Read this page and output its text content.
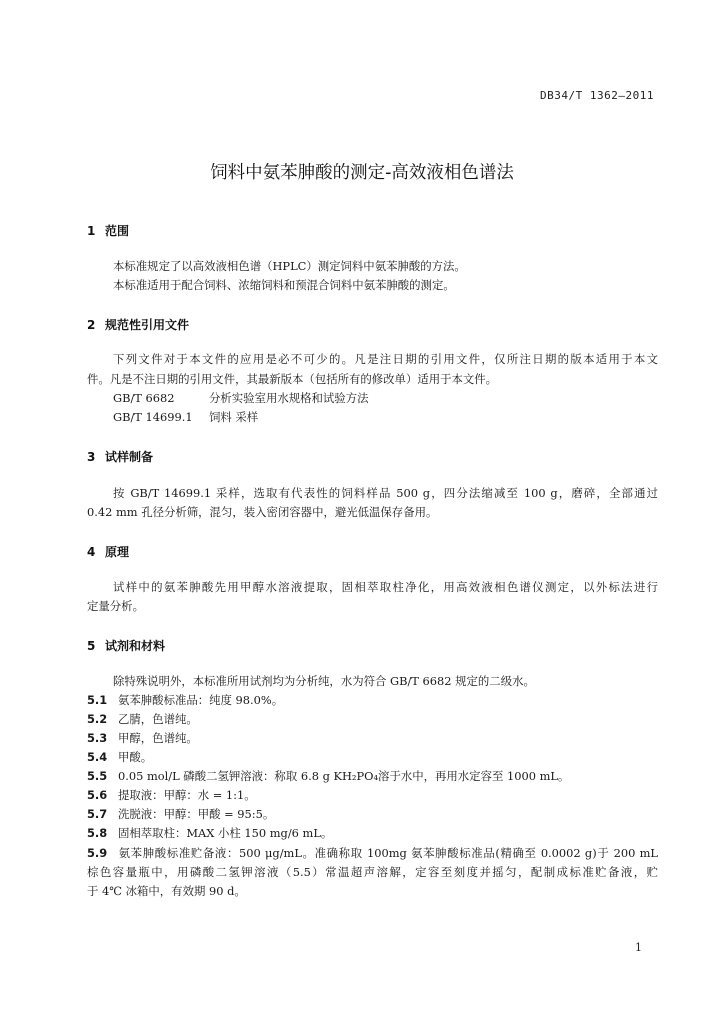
DB34/T 1362—2011
饲料中氨苯胂酸的测定-高效液相色谱法
1 范围
本标准规定了以高效液相色谱（HPLC）测定饲料中氨苯胂酸的方法。
本标准适用于配合饲料、浓缩饲料和预混合饲料中氨苯胂酸的测定。
2 规范性引用文件
下列文件对于本文件的应用是必不可少的。凡是注日期的引用文件，仅所注日期的版本适用于本文
件。凡是不注日期的引用文件，其最新版本（包括所有的修改单）适用于本文件。
GB/T 6682	分析实验室用水规格和试验方法
GB/T 14699.1 饲料 采样
3 试样制备
按 GB/T 14699.1 采样，选取有代表性的饲料样品 500 g，四分法缩减至 100 g，磨碎，全部通过
0.42 mm 孔径分析筛，混匀，装入密闭容器中，避光低温保存备用。
4 原理
试样中的氨苯胂酸先用甲醇水溶液提取，固相萃取柱净化，用高效液相色谱仪测定，以外标法进行
定量分析。
5 试剂和材料
除特殊说明外，本标准所用试剂均为分析纯，水为符合 GB/T 6682 规定的二级水。
5.1 氨苯胂酸标准品：纯度 98.0%。
5.2 乙腈，色谱纯。
5.3 甲醇，色谱纯。
5.4 甲酸。
5.5 0.05 mol/L 磷酸二氢钾溶液：称取 6.8 g KH₂PO₄溶于水中，再用水定容至 1000 mL。
5.6 提取液：甲醇：水 = 1:1。
5.7 洗脱液：甲醇：甲酸 = 95:5。
5.8 固相萃取柱：MAX 小柱 150 mg/6 mL。
5.9 氨苯胂酸标准贮备液：500 μg/mL。准确称取 100mg 氨苯胂酸标准品(精确至 0.0002 g)于 200 mL
棕色容量瓶中，用磷酸二氢钾溶液（5.5）常温超声溶解，定容至刻度并摇匀，配制成标准贮备液，贮
于 4℃ 冰箱中，有效期 90 d。
1
